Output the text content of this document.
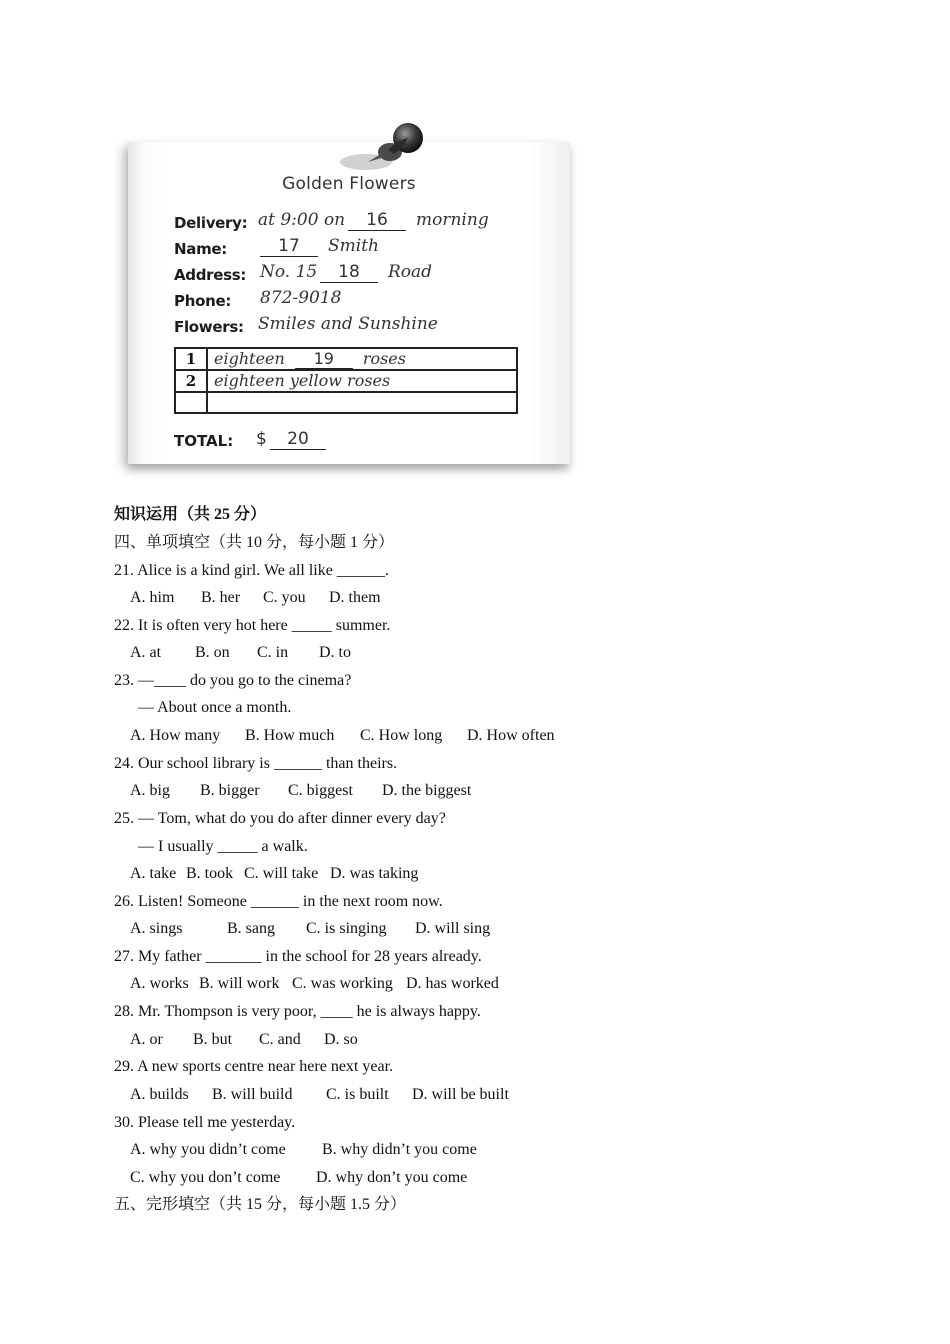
Golden Flowers
Delivery: at 9:00 on	16	morning
Name:	17	Smith
Address: No. 15	18	Road
Phone: 872-9018
Flowers: Smiles and Sunshine
1	eighteen 19 roses
2	eighteen yellow roses

TOTAL: $	20
知识运用（共 25 分）
四、单项填空（共 10 分，每小题 1 分）
21. Alice is a kind girl. We all like ______.
A. him B. her C. you D. them
22. It is often very hot here _____ summer.
A. at B. on C. in D. to
23. —____ do you go to the cinema?
— About once a month.
A. How many B. How much C. How long D. How often
24. Our school library is ______ than theirs.
A. big B. bigger C. biggest D. the biggest
25. — Tom, what do you do after dinner every day?
— I usually _____ a walk.
A. take B. took C. will take D. was taking
26. Listen! Someone ______ in the next room now.
A. sings	B. sang C. is singing D. will sing
27. My father _______ in the school for 28 years already.
A. works B. will work C. was working D. has worked
28. Mr. Thompson is very poor, ____ he is always happy.
A. or B. but C. and D. so
29. A new sports centre near here next year.
A. builds B. will build C. is built D. will be built
30. Please tell me yesterday.
A. why you didn’t come B. why didn’t you come
C. why you don’t come D. why don’t you come
五、完形填空（共 15 分，每小题 1.5 分）
